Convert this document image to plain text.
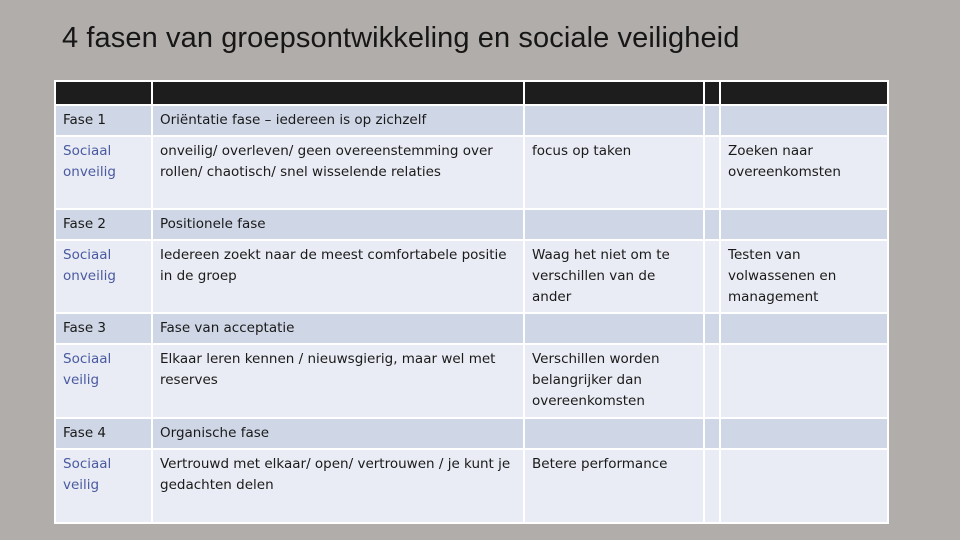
4 fasen van groepsontwikkeling en sociale veiligheid

Fase 1	Oriëntatie fase – iedereen is op zichzelf			
Sociaal onveilig	onveilig/ overleven/ geen overeenstemming over rollen/ chaotisch/ snel wisselende relaties	focus op taken		Zoeken naar overeenkomsten
Fase 2	Positionele fase			
Sociaal onveilig	Iedereen zoekt naar de meest comfortabele positie in de groep	Waag het niet om te verschillen van de ander		Testen van volwassenen en management
Fase 3	Fase van acceptatie			
Sociaal veilig	Elkaar leren kennen / nieuwsgierig, maar wel met reserves	Verschillen worden belangrijker dan overeenkomsten		
Fase 4	Organische fase			
Sociaal veilig	Vertrouwd met elkaar/ open/ vertrouwen / je kunt je gedachten delen	Betere performance		
